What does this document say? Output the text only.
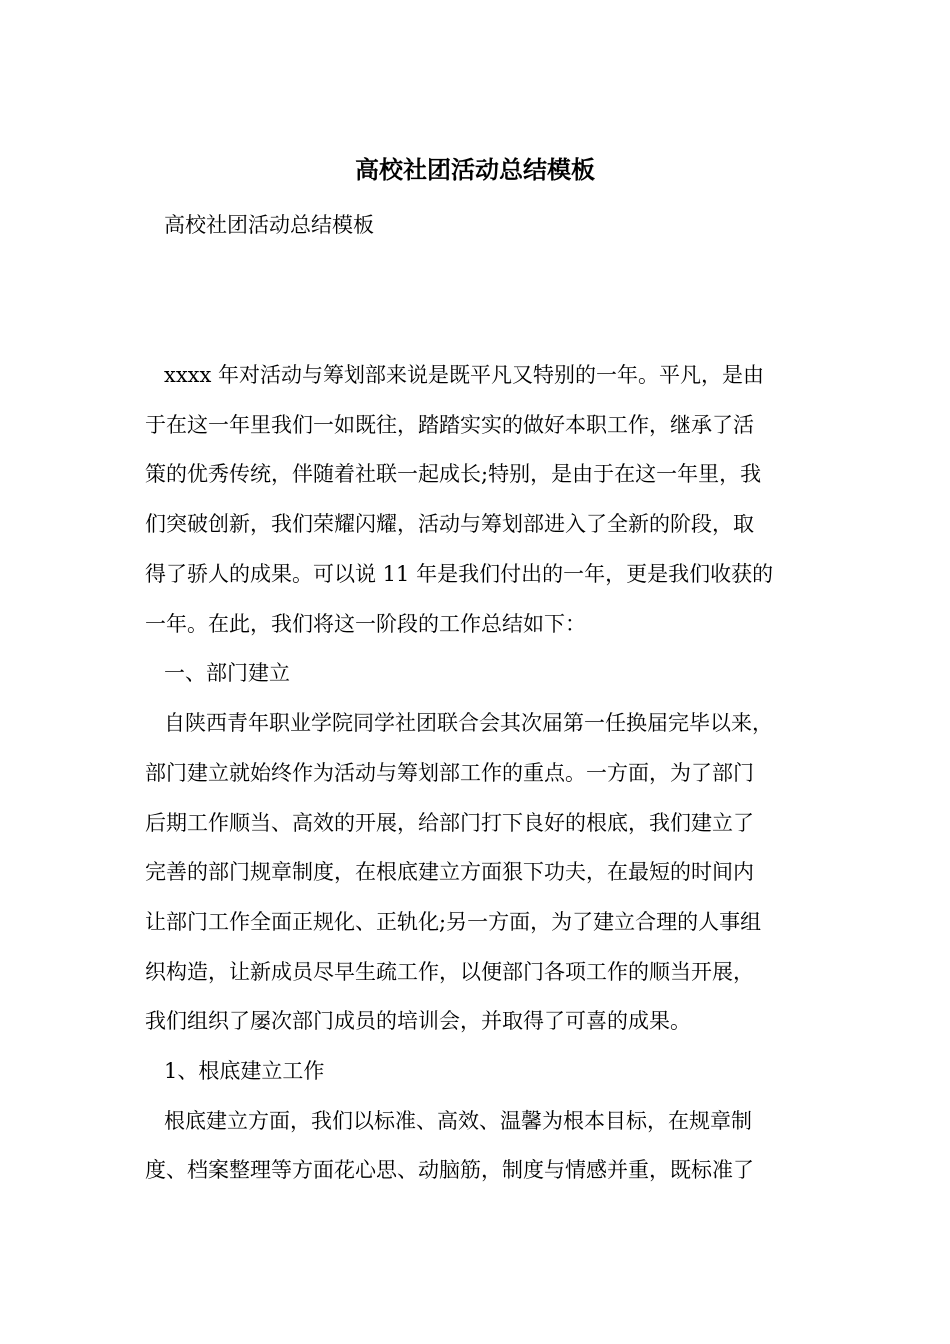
高校社团活动总结模板
高校社团活动总结模板
xxxx 年对活动与筹划部来说是既平凡又特别的一年。平凡，是由
于在这一年里我们一如既往，踏踏实实的做好本职工作，继承了活
策的优秀传统，伴随着社联一起成长;特别，是由于在这一年里，我
们突破创新，我们荣耀闪耀，活动与筹划部进入了全新的阶段，取
得了骄人的成果。可以说 11 年是我们付出的一年，更是我们收获的
一年。在此，我们将这一阶段的工作总结如下：
一、部门建立
自陕西青年职业学院同学社团联合会其次届第一任换届完毕以来，
部门建立就始终作为活动与筹划部工作的重点。一方面，为了部门
后期工作顺当、高效的开展，给部门打下良好的根底，我们建立了
完善的部门规章制度，在根底建立方面狠下功夫，在最短的时间内
让部门工作全面正规化、正轨化;另一方面，为了建立合理的人事组
织构造，让新成员尽早生疏工作，以便部门各项工作的顺当开展，
我们组织了屡次部门成员的培训会，并取得了可喜的成果。
1、根底建立工作
根底建立方面，我们以标准、高效、温馨为根本目标，在规章制
度、档案整理等方面花心思、动脑筋，制度与情感并重，既标准了
